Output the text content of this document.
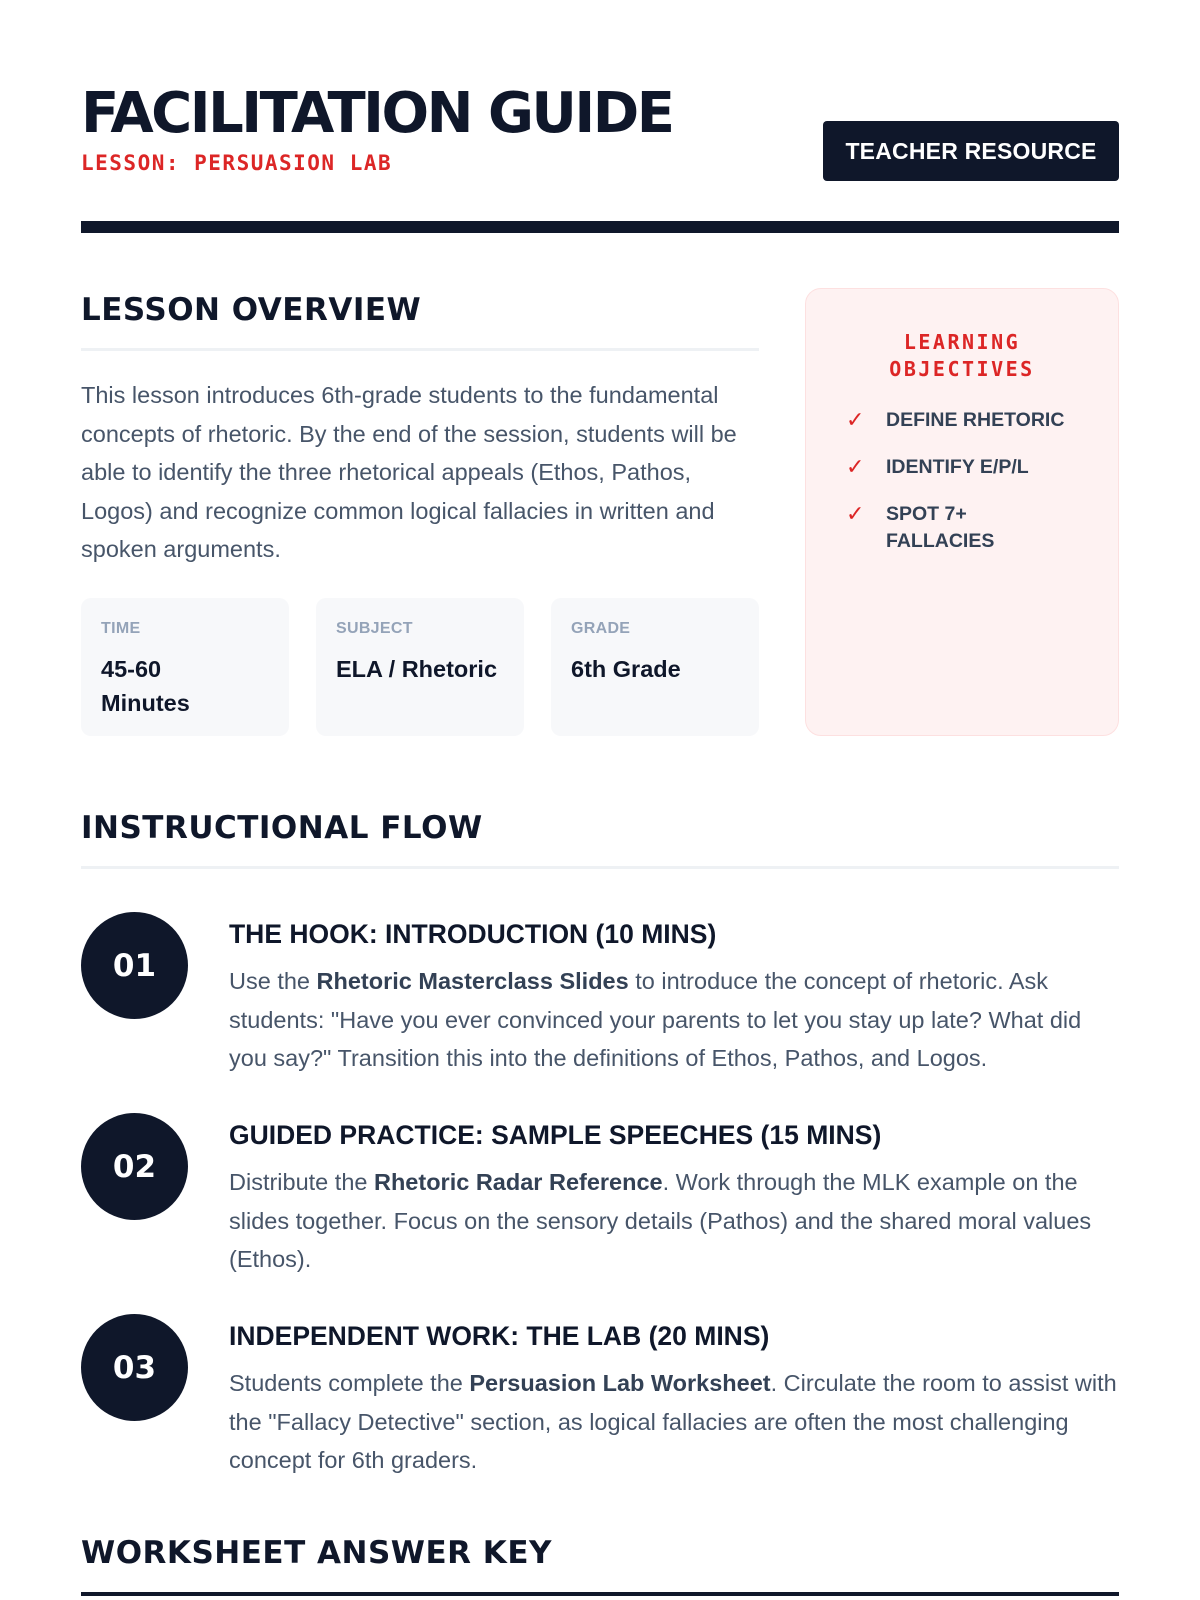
FACILITATION GUIDE
LESSON: PERSUASION LAB	TEACHER RESOURCE
LESSON OVERVIEW
This lesson introduces 6th-grade students to the fundamental concepts of rhetoric. By the end of the session, students will be able to identify the three rhetorical appeals (Ethos, Pathos, Logos) and recognize common logical fallacies in written and spoken arguments.
TIME
45-60 Minutes
SUBJECT
ELA / Rhetoric
GRADE
6th Grade
LEARNING OBJECTIVES
✓	DEFINE RHETORIC
✓	IDENTIFY E/P/L
✓	SPOT 7+ FALLACIES
INSTRUCTIONAL FLOW
01
THE HOOK: INTRODUCTION (10 MINS)
Use the Rhetoric Masterclass Slides to introduce the concept of rhetoric. Ask students: "Have you ever convinced your parents to let you stay up late? What did you say?" Transition this into the definitions of Ethos, Pathos, and Logos.
02
GUIDED PRACTICE: SAMPLE SPEECHES (15 MINS)
Distribute the Rhetoric Radar Reference. Work through the MLK example on the slides together. Focus on the sensory details (Pathos) and the shared moral values (Ethos).
03
INDEPENDENT WORK: THE LAB (20 MINS)
Students complete the Persuasion Lab Worksheet. Circulate the room to assist with the "Fallacy Detective" section, as logical fallacies are often the most challenging concept for 6th graders.
WORKSHEET ANSWER KEY
